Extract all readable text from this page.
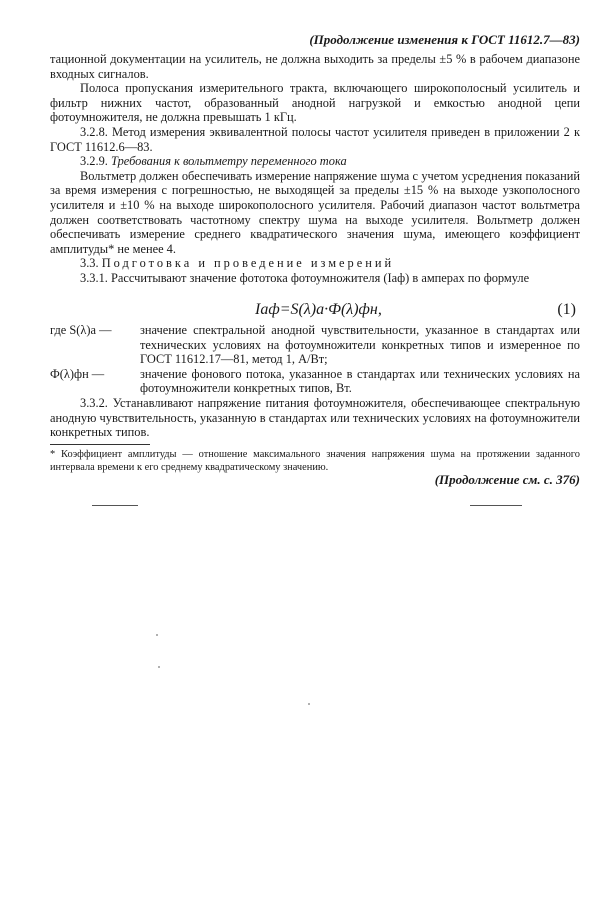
(Продолжение изменения к ГОСТ 11612.7—83)

тационной документации на усилитель, не должна выходить за пределы ±5 % в рабочем диапазоне входных сигналов.

Полоса пропускания измерительного тракта, включающего широкополосный усилитель и фильтр нижних частот, образованный анодной нагрузкой и емкостью анодной цепи фотоумножителя, не должна превышать 1 кГц.

3.2.8. Метод измерения эквивалентной полосы частот усилителя приведен в приложении 2 к ГОСТ 11612.6—83.

3.2.9. Требования к вольтметру переменного тока

Вольтметр должен обеспечивать измерение напряжение шума с учетом усреднения показаний за время измерения с погрешностью, не выходящей за пределы ±15 % на выходе узкополосного усилителя и ±10 % на выходе широкополосного усилителя. Рабочий диапазон частот вольтметра должен соответствовать частотному спектру шума на выходе усилителя. Вольтметр должен обеспечивать измерение среднего квадратического значения шума, имеющего коэффициент амплитуды* не менее 4.

3.3. Подготовка и проведение измерений

3.3.1. Рассчитывают значение фототока фотоумножителя (Iаф) в амперах по формуле

Iаф=S(λ)а·Ф(λ)фн,	(1)
где S(λ)а — значение спектральной анодной чувствительности, указанное в стандартах или технических условиях на фотоумножители конкретных типов и измеренное по ГОСТ 11612.17—81, метод 1, А/Вт;
Ф(λ)фн —	значение фонового потока, указанное в стандартах или технических условиях на фотоумножители конкретных типов, Вт.

3.3.2. Устанавливают напряжение питания фотоумножителя, обеспечивающее спектральную анодную чувствительность, указанную в стандартах или технических условиях на фотоумножители конкретных типов.

* Коэффициент амплитуды — отношение максимального значения напряжения шума на протяжении заданного интервала времени к его среднему квадратическому значению.
(Продолжение см. с. 376)
